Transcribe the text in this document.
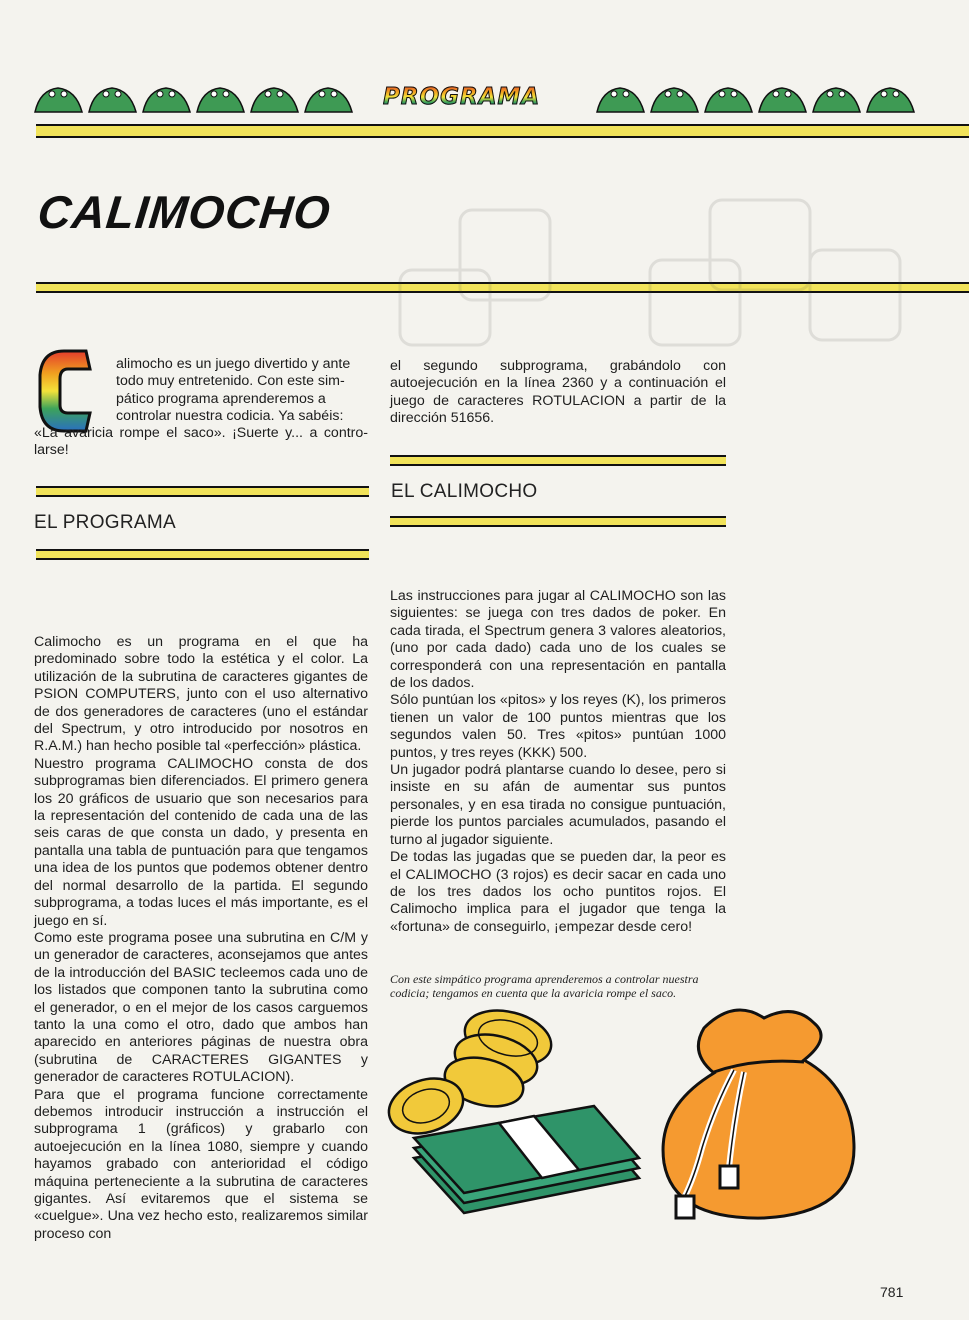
PROGRAMA
CALIMOCHO
alimocho es un juego divertido y ante
todo muy entretenido. Con este sim-
pático programa aprenderemos a
controlar nuestra codicia. Ya sabéis:
«La avaricia rompe el saco». ¡Suerte y... a contro-larse!
EL PROGRAMA

Calimocho es un programa en el que ha predominado sobre todo la estética y el color. La utilización de la subrutina de caracteres gigantes de PSION COMPUTERS, junto con el uso alternativo de dos generadores de caracteres (uno el estándar del Spectrum, y otro introducido por nosotros en R.A.M.) han hecho posible tal «perfección» plástica.

Nuestro programa CALIMOCHO consta de dos subprogramas bien diferenciados. El primero genera los 20 gráficos de usuario que son necesarios para la representación del contenido de cada una de las seis caras de que consta un dado, y presenta en pantalla una tabla de puntuación para que tengamos una idea de los puntos que podemos obtener dentro del normal desarrollo de la partida. El segundo subprograma, a todas luces el más importante, es el juego en sí.

Como este programa posee una subrutina en C/M y un generador de caracteres, aconsejamos que antes de la introducción del BASIC tecleemos cada uno de los listados que componen tanto la subrutina como el generador, o en el mejor de los casos carguemos tanto la una como el otro, dado que ambos han aparecido en anteriores páginas de nuestra obra (subrutina de CARACTERES GIGANTES y generador de caracteres ROTULACION).

Para que el programa funcione correctamente debemos introducir instrucción a instrucción el subprograma 1 (gráficos) y grabarlo con autoejecución en la línea 1080, siempre y cuando hayamos grabado con anterioridad el código máquina perteneciente a la subrutina de caracteres gigantes. Así evitaremos que el sistema se «cuelgue». Una vez hecho esto, realizaremos similar proceso con

el segundo subprograma, grabándolo con autoejecución en la línea 2360 y a continuación el juego de caracteres ROTULACION a partir de la dirección 51656.
EL CALIMOCHO

Las instrucciones para jugar al CALIMOCHO son las siguientes: se juega con tres dados de poker. En cada tirada, el Spectrum genera 3 valores aleatorios, (uno por cada dado) cada uno de los cuales se corresponderá con una representación en pantalla de los dados.

Sólo puntúan los «pitos» y los reyes (K), los primeros tienen un valor de 100 puntos mientras que los segundos valen 50. Tres «pitos» puntúan 1000 puntos, y tres reyes (KKK) 500.

Un jugador podrá plantarse cuando lo desee, pero si insiste en su afán de aumentar sus puntos personales, y en esa tirada no consigue puntuación, pierde los puntos parciales acumulados, pasando el turno al jugador siguiente.

De todas las jugadas que se pueden dar, la peor es el CALIMOCHO (3 rojos) es decir sacar en cada uno de los tres dados los ocho puntitos rojos. El Calimocho implica para el jugador que tenga la «fortuna» de conseguirlo, ¡empezar desde cero!

Con este simpático programa aprenderemos a controlar nuestra codicia; tengamos en cuenta que la avaricia rompe el saco.
781
